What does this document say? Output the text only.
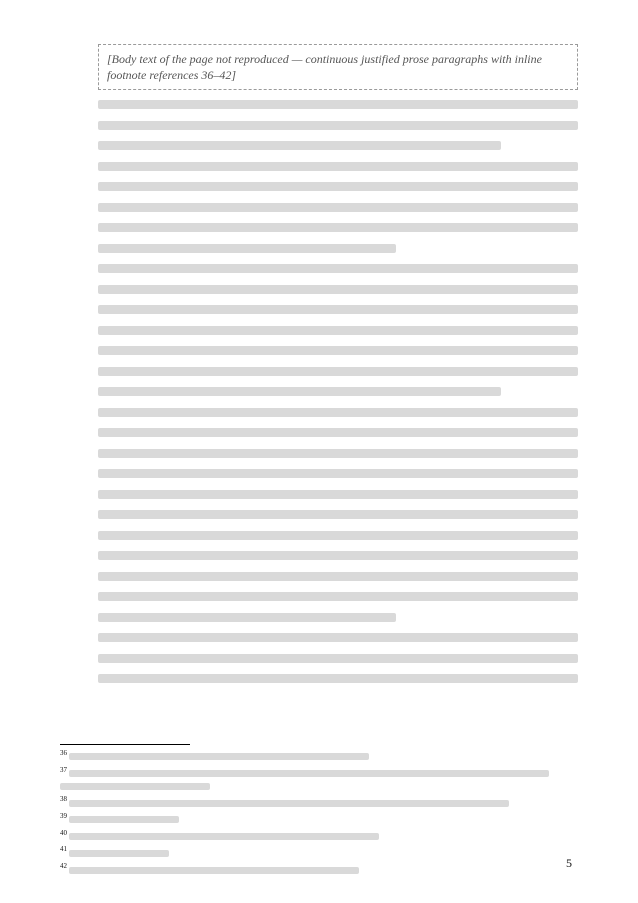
[Body text of the page not reproduced — continuous justified prose paragraphs with inline footnote references 36–42]
$^{36}$
$^{37}$
$^{38}$
$^{39}$
$^{40}$
$^{41}$
$^{42}$	5
